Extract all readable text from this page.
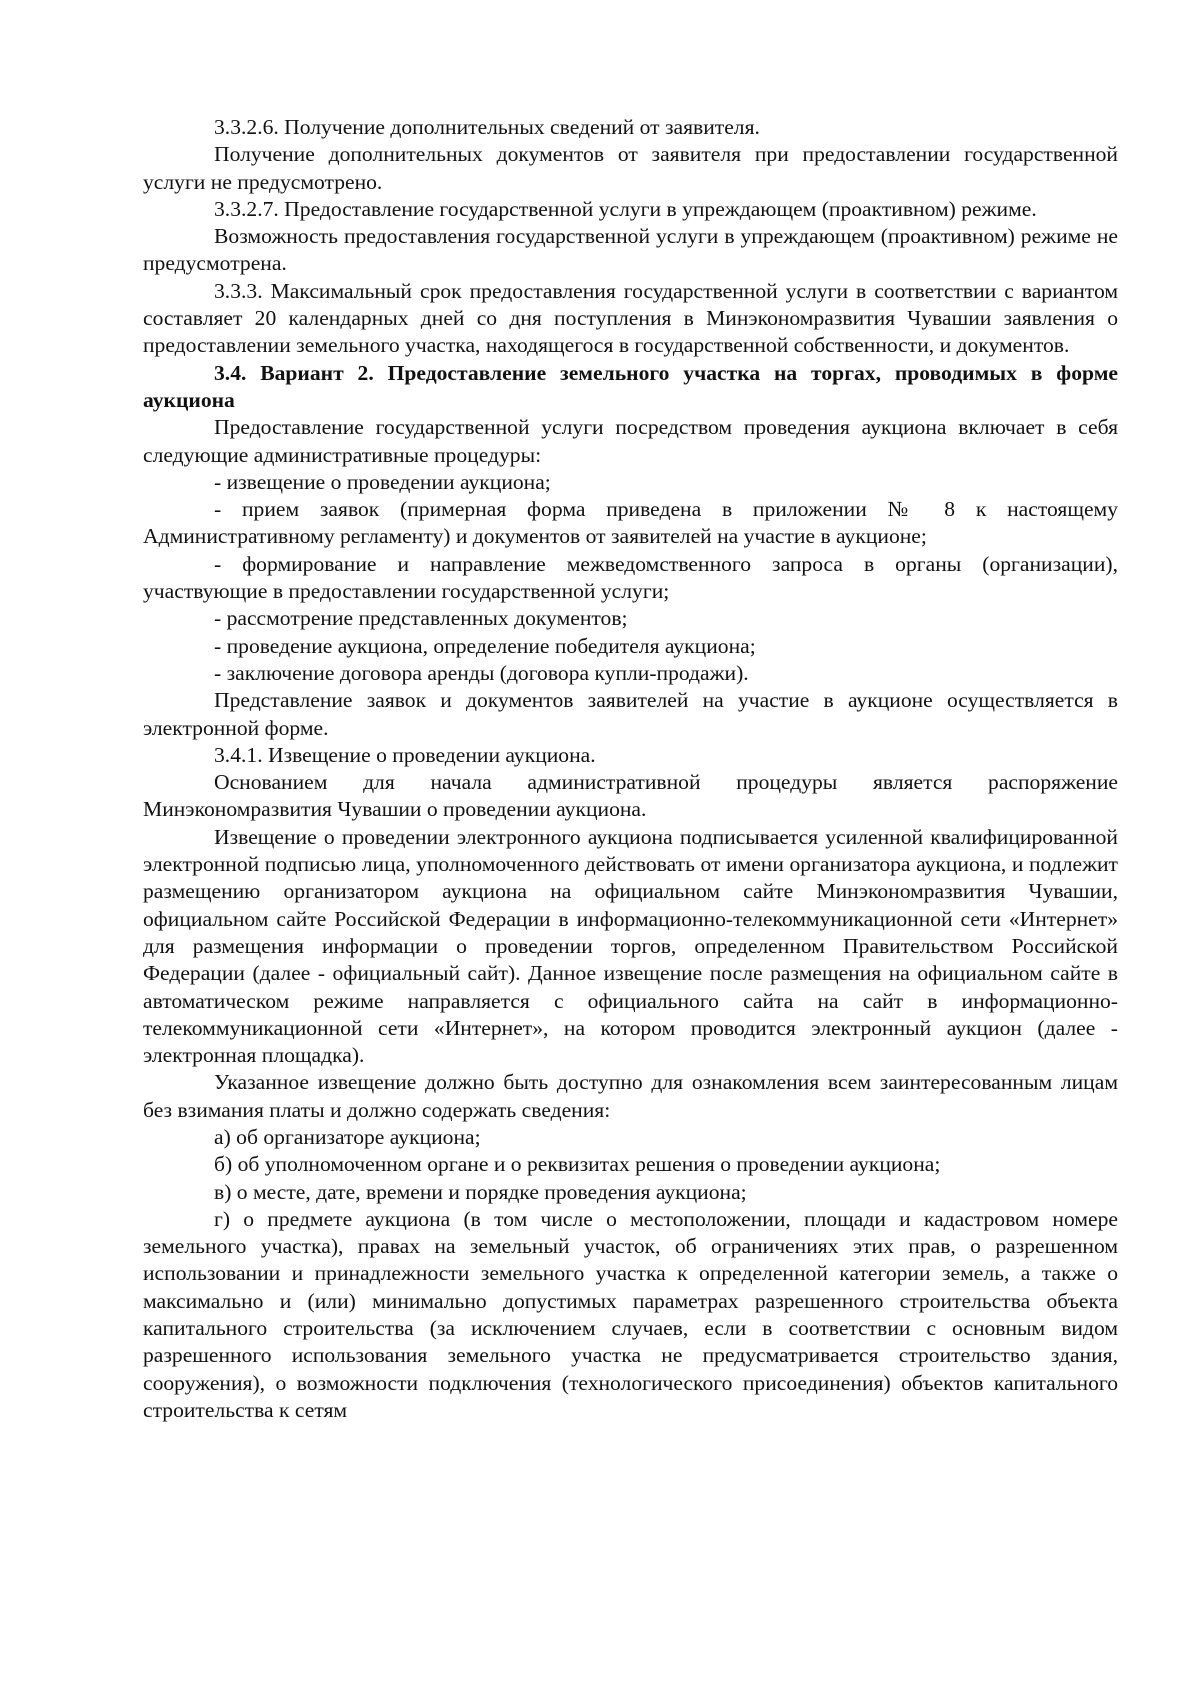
3.3.2.6. Получение дополнительных сведений от заявителя.

Получение дополнительных документов от заявителя при предоставлении государственной услуги не предусмотрено.

3.3.2.7. Предоставление государственной услуги в упреждающем (проактивном) режиме.

Возможность предоставления государственной услуги в упреждающем (проактивном) режиме не предусмотрена.

3.3.3. Максимальный срок предоставления государственной услуги в соответствии с вариантом составляет 20 календарных дней со дня поступления в Минэкономразвития Чувашии заявления о предоставлении земельного участка, находящегося в государственной собственности, и документов.

3.4. Вариант 2. Предоставление земельного участка на торгах, проводимых в форме аукциона

Предоставление государственной услуги посредством проведения аукциона включает в себя следующие административные процедуры:

- извещение о проведении аукциона;

- прием заявок (примерная форма приведена в приложении № 8 к настоящему Административному регламенту) и документов от заявителей на участие в аукционе;

- формирование и направление межведомственного запроса в органы (организации), участвующие в предоставлении государственной услуги;

- рассмотрение представленных документов;

- проведение аукциона, определение победителя аукциона;

- заключение договора аренды (договора купли-продажи).

Представление заявок и документов заявителей на участие в аукционе осуществляется в электронной форме.

3.4.1. Извещение о проведении аукциона.

Основанием для начала административной процедуры является распоряжение Минэкономразвития Чувашии о проведении аукциона.

Извещение о проведении электронного аукциона подписывается усиленной квалифицированной электронной подписью лица, уполномоченного действовать от имени организатора аукциона, и подлежит размещению организатором аукциона на официальном сайте Минэкономразвития Чувашии, официальном сайте Российской Федерации в информационно-телекоммуникационной сети «Интернет» для размещения информации о проведении торгов, определенном Правительством Российской Федерации (далее - официальный сайт). Данное извещение после размещения на официальном сайте в автоматическом режиме направляется с официального сайта на сайт в информационно-телекоммуникационной сети «Интернет», на котором проводится электронный аукцион (далее - электронная площадка).

Указанное извещение должно быть доступно для ознакомления всем заинтересованным лицам без взимания платы и должно содержать сведения:

а) об организаторе аукциона;

б) об уполномоченном органе и о реквизитах решения о проведении аукциона;

в) о месте, дате, времени и порядке проведения аукциона;

г) о предмете аукциона (в том числе о местоположении, площади и кадастровом номере земельного участка), правах на земельный участок, об ограничениях этих прав, о разрешенном использовании и принадлежности земельного участка к определенной категории земель, а также о максимально и (или) минимально допустимых параметрах разрешенного строительства объекта капитального строительства (за исключением случаев, если в соответствии с основным видом разрешенного использования земельного участка не предусматривается строительство здания, сооружения), о возможности подключения (технологического присоединения) объектов капитального строительства к сетям
